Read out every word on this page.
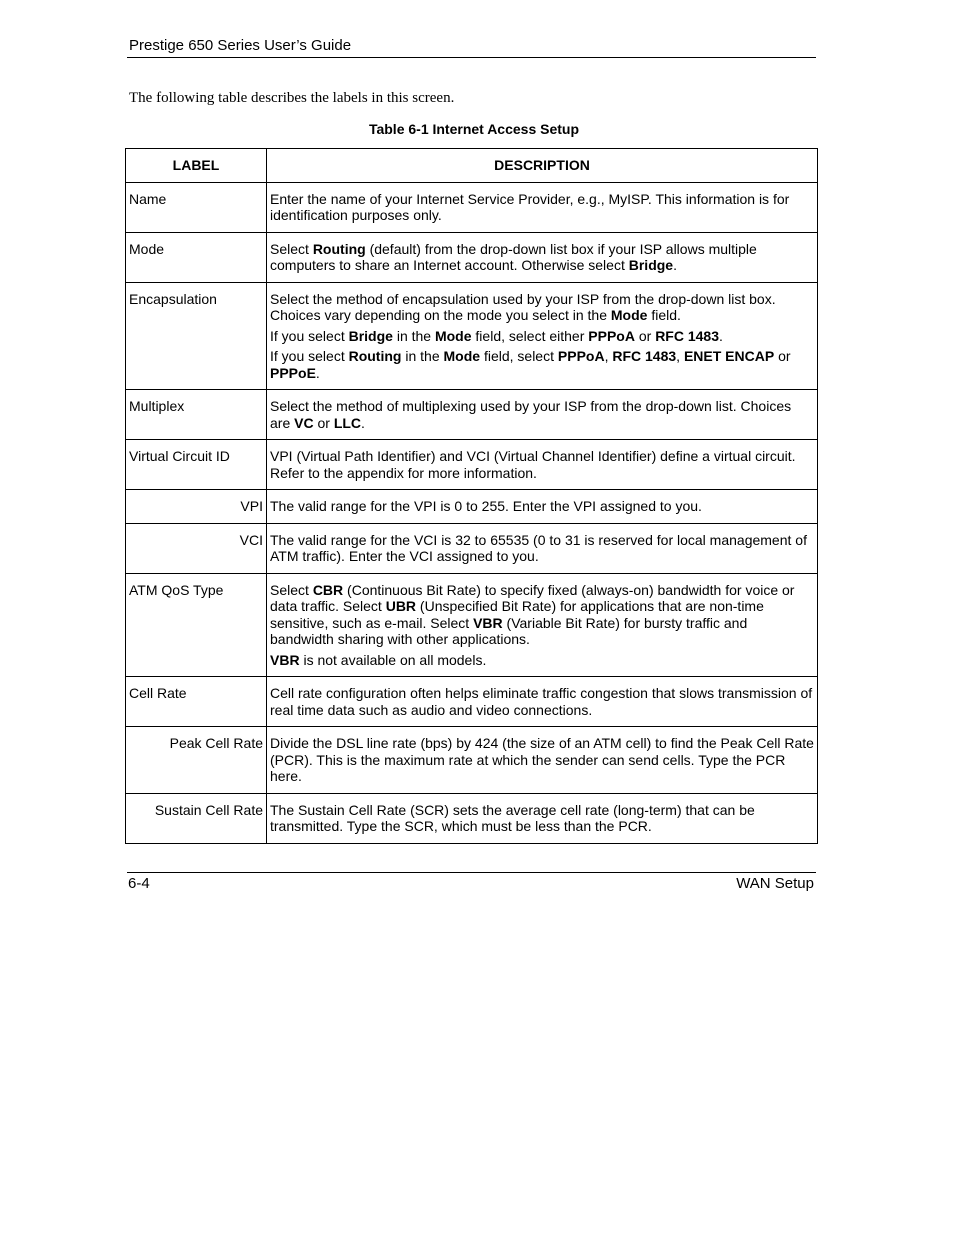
Prestige 650 Series User’s Guide
The following table describes the labels in this screen.
Table 6-1 Internet Access Setup
LABEL	DESCRIPTION
Name	Enter the name of your Internet Service Provider, e.g., MyISP. This information is for identification purposes only.

Mode	Select Routing (default) from the drop-down list box if your ISP allows multiple computers to share an Internet account. Otherwise select Bridge.

Encapsulation	Select the method of encapsulation used by your ISP from the drop-down list box. Choices vary depending on the mode you select in the Mode field.

If you select Bridge in the Mode field, select either PPPoA or RFC 1483.

If you select Routing in the Mode field, select PPPoA, RFC 1483, ENET ENCAP or PPPoE.

Multiplex	Select the method of multiplexing used by your ISP from the drop-down list. Choices are VC or LLC.

Virtual Circuit ID	VPI (Virtual Path Identifier) and VCI (Virtual Channel Identifier) define a virtual circuit. Refer to the appendix for more information.

VPI	The valid range for the VPI is 0 to 255. Enter the VPI assigned to you.

VCI	The valid range for the VCI is 32 to 65535 (0 to 31 is reserved for local management of ATM traffic). Enter the VCI assigned to you.

ATM QoS Type	Select CBR (Continuous Bit Rate) to specify fixed (always-on) bandwidth for voice or data traffic. Select UBR (Unspecified Bit Rate) for applications that are non-time sensitive, such as e-mail. Select VBR (Variable Bit Rate) for bursty traffic and bandwidth sharing with other applications.

VBR is not available on all models.

Cell Rate	Cell rate configuration often helps eliminate traffic congestion that slows transmission of real time data such as audio and video connections.

Peak Cell Rate	Divide the DSL line rate (bps) by 424 (the size of an ATM cell) to find the Peak Cell Rate (PCR). This is the maximum rate at which the sender can send cells. Type the PCR here.

Sustain Cell Rate	The Sustain Cell Rate (SCR) sets the average cell rate (long-term) that can be transmitted. Type the SCR, which must be less than the PCR.

6-4	WAN Setup
